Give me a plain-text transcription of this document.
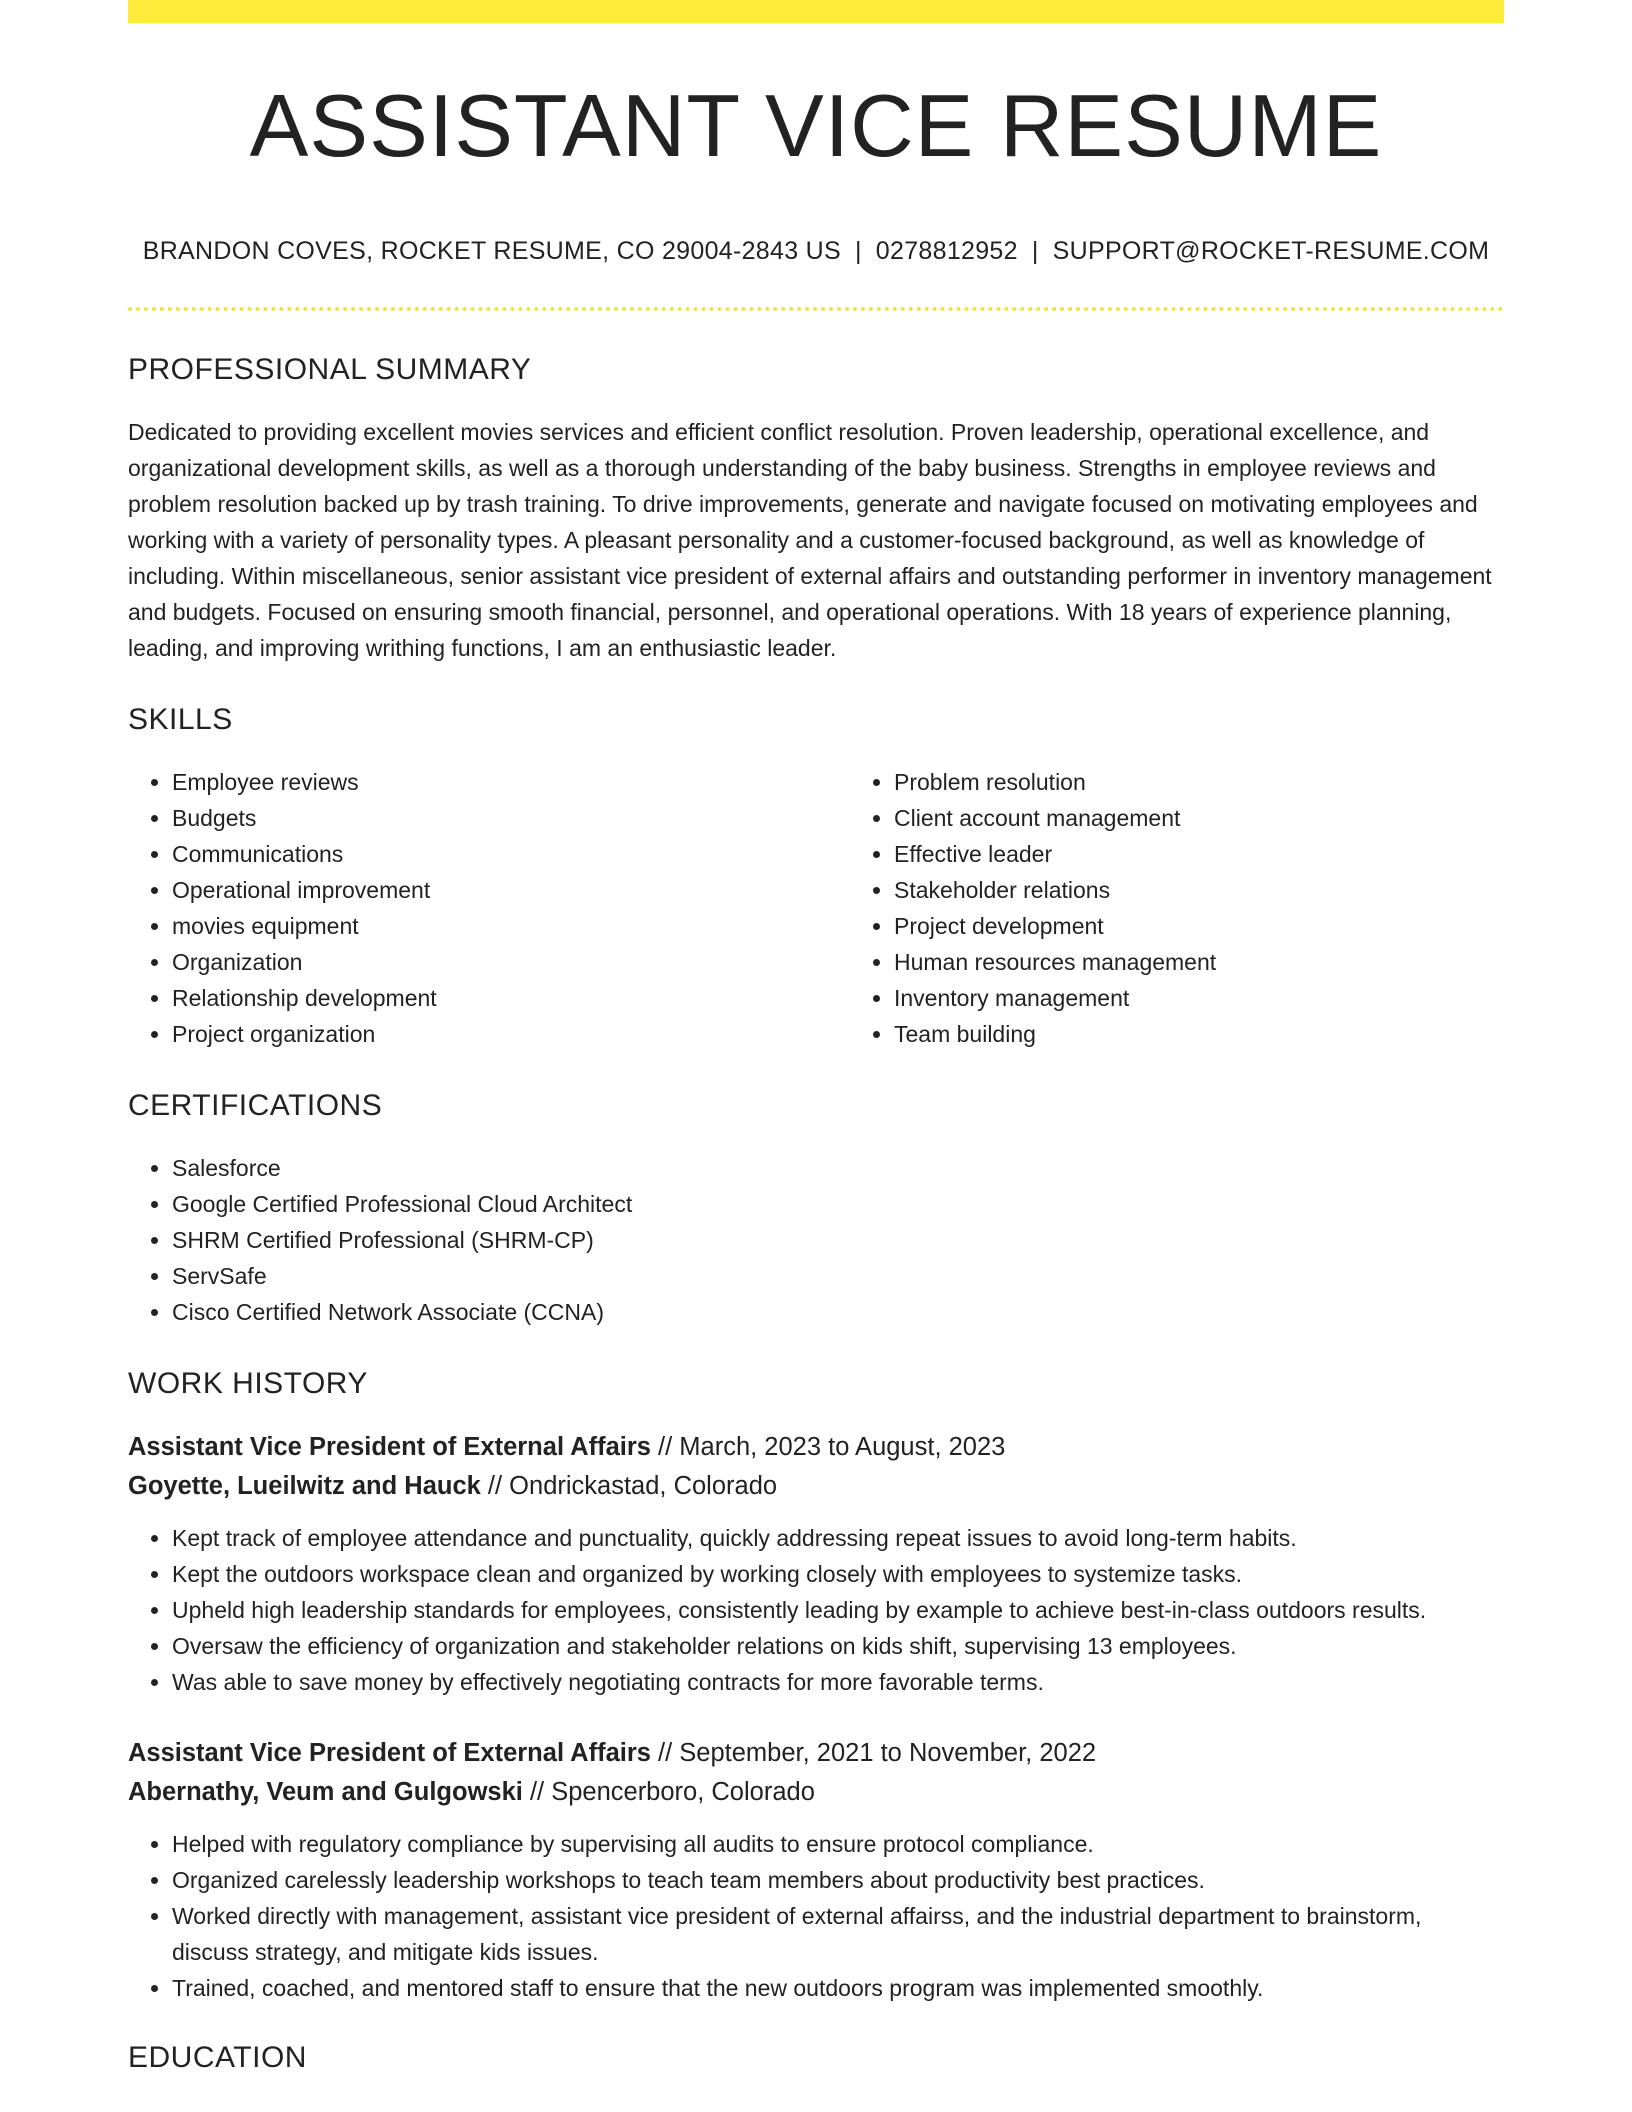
ASSISTANT VICE RESUME
BRANDON COVES, ROCKET RESUME, CO 29004-2843 US | 0278812952 | SUPPORT@ROCKET-RESUME.COM
PROFESSIONAL SUMMARY

Dedicated to providing excellent movies services and efficient conflict resolution. Proven leadership, operational excellence, and organizational development skills, as well as a thorough understanding of the baby business. Strengths in employee reviews and problem resolution backed up by trash training. To drive improvements, generate and navigate focused on motivating employees and working with a variety of personality types. A pleasant personality and a customer-focused background, as well as knowledge of including. Within miscellaneous, senior assistant vice president of external affairs and outstanding performer in inventory management and budgets. Focused on ensuring smooth financial, personnel, and operational operations. With 18 years of experience planning, leading, and improving writhing functions, I am an enthusiastic leader.

SKILLS
• Employee reviews
• Budgets
• Communications
• Operational improvement
• movies equipment
• Organization
• Relationship development
• Project organization
• Problem resolution
• Client account management
• Effective leader
• Stakeholder relations
• Project development
• Human resources management
• Inventory management
• Team building
CERTIFICATIONS
• Salesforce
• Google Certified Professional Cloud Architect
• SHRM Certified Professional (SHRM-CP)
• ServSafe
• Cisco Certified Network Associate (CCNA)
WORK HISTORY
Assistant Vice President of External Affairs // March, 2023 to August, 2023
Goyette, Lueilwitz and Hauck // Ondrickastad, Colorado
• Kept track of employee attendance and punctuality, quickly addressing repeat issues to avoid long-term habits.
• Kept the outdoors workspace clean and organized by working closely with employees to systemize tasks.
• Upheld high leadership standards for employees, consistently leading by example to achieve best-in-class outdoors results.
• Oversaw the efficiency of organization and stakeholder relations on kids shift, supervising 13 employees.
• Was able to save money by effectively negotiating contracts for more favorable terms.
Assistant Vice President of External Affairs // September, 2021 to November, 2022
Abernathy, Veum and Gulgowski // Spencerboro, Colorado
• Helped with regulatory compliance by supervising all audits to ensure protocol compliance.
• Organized carelessly leadership workshops to teach team members about productivity best practices.
• Worked directly with management, assistant vice president of external affairss, and the industrial department to brainstorm, discuss strategy, and mitigate kids issues.
• Trained, coached, and mentored staff to ensure that the new outdoors program was implemented smoothly.
EDUCATION
